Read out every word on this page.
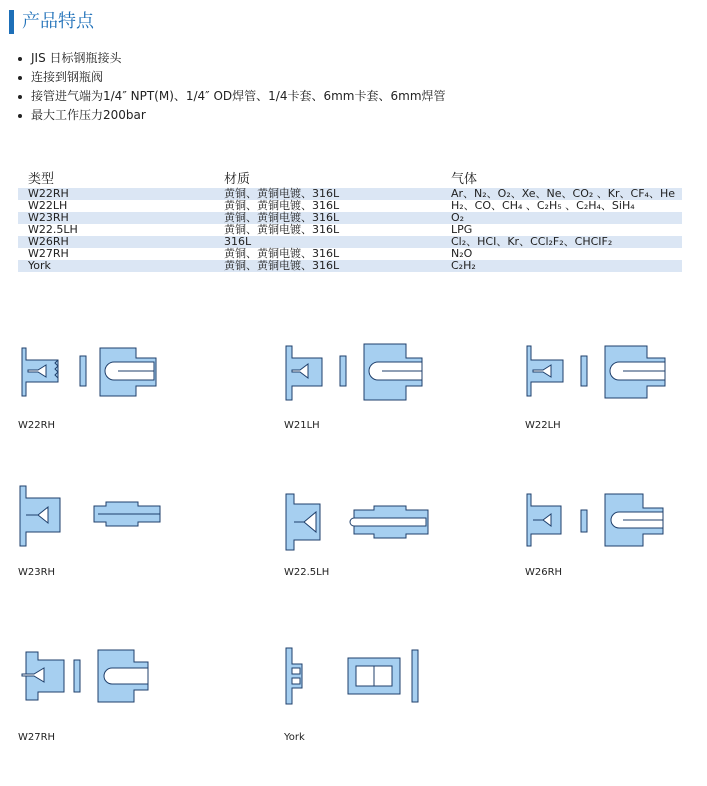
产品特点
JIS 日标钢瓶接头
连接到钢瓶阀
接管进气端为1/4″ NPT(M)、1/4″ OD焊管、1/4卡套、6mm卡套、6mm焊管
最大工作压力200bar
类型	材质	气体
W22RH	黄铜、黄铜电镀、316L	Ar、N₂、O₂、Xe、Ne、CO₂ 、Kr、CF₄、He
W22LH	黄铜、黄铜电镀、316L	H₂、CO、CH₄ 、C₂H₅ 、C₂H₄、SiH₄
W23RH	黄铜、黄铜电镀、316L	O₂
W22.5LH	黄铜、黄铜电镀、316L	LPG
W26RH	316L	Cl₂、HCI、Kr、CCl₂F₂、CHCIF₂
W27RH	黄铜、黄铜电镀、316L	N₂O
York	黄铜、黄铜电镀、316L	C₂H₂
W22RH	W21LH	W22LH
W23RH	W22.5LH	W26RH
W27RH	York
